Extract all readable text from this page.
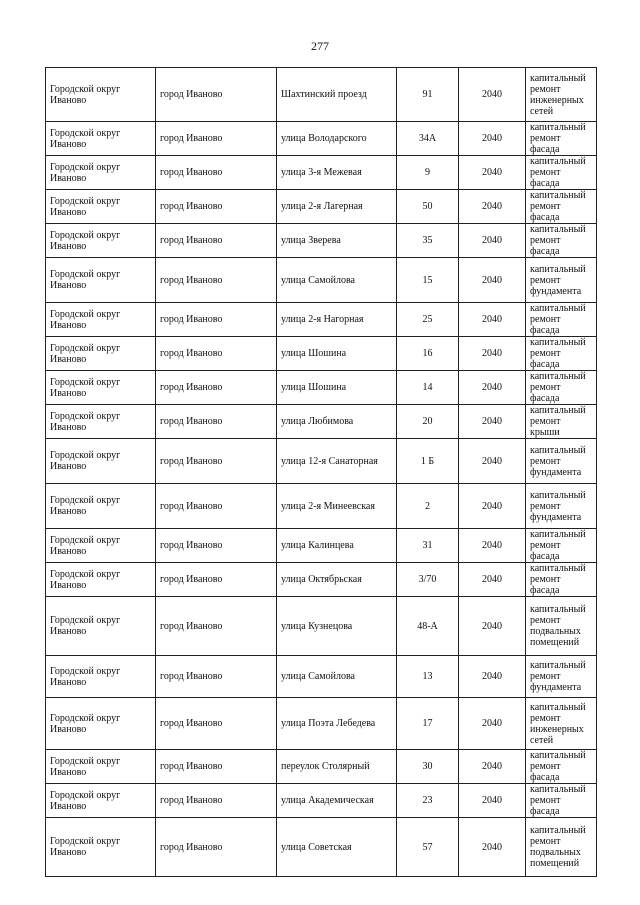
277
Городской округ Иваново	город Иваново	Шахтинский проезд	91	2040	капитальный ремонт инженерных сетей
Городской округ Иваново	город Иваново	улица Володарского	34А	2040	капитальный ремонт фасада
Городской округ Иваново	город Иваново	улица 3-я Межевая	9	2040	капитальный ремонт фасада
Городской округ Иваново	город Иваново	улица 2-я Лагерная	50	2040	капитальный ремонт фасада
Городской округ Иваново	город Иваново	улица Зверева	35	2040	капитальный ремонт фасада
Городской округ Иваново	город Иваново	улица Самойлова	15	2040	капитальный ремонт фундамента
Городской округ Иваново	город Иваново	улица 2-я Нагорная	25	2040	капитальный ремонт фасада
Городской округ Иваново	город Иваново	улица Шошина	16	2040	капитальный ремонт фасада
Городской округ Иваново	город Иваново	улица Шошина	14	2040	капитальный ремонт фасада
Городской округ Иваново	город Иваново	улица Любимова	20	2040	капитальный ремонт крыши
Городской округ Иваново	город Иваново	улица 12-я Санаторная	1 Б	2040	капитальный ремонт фундамента
Городской округ Иваново	город Иваново	улица 2-я Минеевская	2	2040	капитальный ремонт фундамента
Городской округ Иваново	город Иваново	улица Калинцева	31	2040	капитальный ремонт фасада
Городской округ Иваново	город Иваново	улица Октябрьская	3/70	2040	капитальный ремонт фасада
Городской округ Иваново	город Иваново	улица Кузнецова	48-А	2040	капитальный ремонт подвальных помещений
Городской округ Иваново	город Иваново	улица Самойлова	13	2040	капитальный ремонт фундамента
Городской округ Иваново	город Иваново	улица Поэта Лебедева	17	2040	капитальный ремонт инженерных сетей
Городской округ Иваново	город Иваново	переулок Столярный	30	2040	капитальный ремонт фасада
Городской округ Иваново	город Иваново	улица Академическая	23	2040	капитальный ремонт фасада
Городской округ Иваново	город Иваново	улица Советская	57	2040	капитальный ремонт подвальных помещений
